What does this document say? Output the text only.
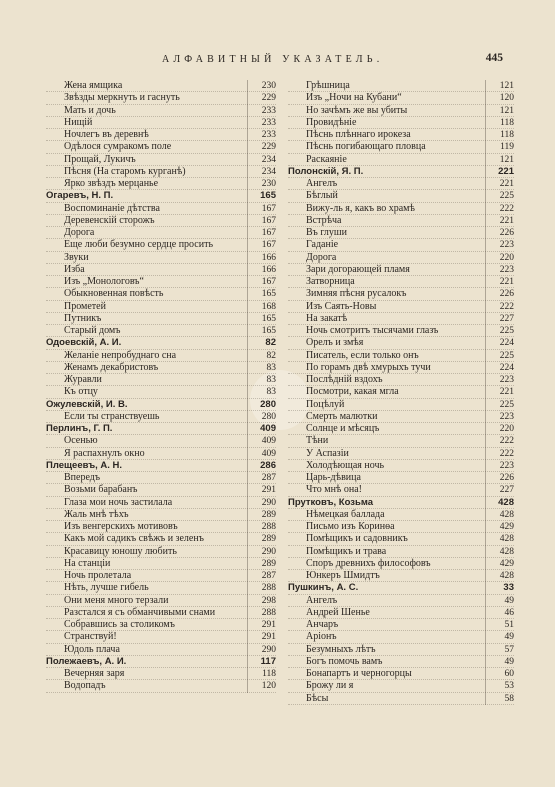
АЛФАВИТНЫЙ УКАЗАТЕЛЬ.	445
Жена ямщика	230
Звѣзды меркнуть и гаснуть	229
Мать и дочь	233
Нищій	233
Ночлегъ въ деревнѣ	233
Одѣлося сумракомъ поле	229
Прощай, Лукичъ	234
Пѣсня (На старомъ курганѣ)	234
Ярко звѣздъ мерцанье	230
Огаревъ, Н. П.	165
Воспоминаніе дѣтства	167
Деревенскій сторожъ	167
Дорога	167
Еще люби безумно сердце просить	167
Звуки	166
Изба	166
Изъ „Монологовъ“	167
Обыкновенная повѣсть	165
Прометей	168
Путникъ	165
Старый домъ	165
Одоевскій, А. И.	82
Желаніе непробуднаго сна	82
Женамъ декабристовъ	83
Журавли	83
Къ отцу	83
Ожулевскій, И. В.	280
Если ты странствуешь	280
Перлинъ, Г. П.	409
Осенью	409
Я распахнулъ окно	409
Плещеевъ, А. Н.	286
Впередъ	287
Возьми барабанъ	291
Глаза мои ночь застилала	290
Жаль мнѣ тѣхъ	289
Изъ венгерскихъ мотивовъ	288
Какъ мой садикъ свѣжъ и зеленъ	289
Красавицу юношу любить	290
На станціи	289
Ночь пролетала	287
Нѣть, лучше гибель	288
Они меня много терзали	298
Разстался я съ обманчивыми снами	288
Собравшись за столикомъ	291
Странствуй!	291
Юдоль плача	290
Полежаевъ, А. И.	117
Вечерняя заря	118
Водопадъ	120
Грѣшница	121
Изъ „Ночи на Кубани“	120
Но зачѣмъ же вы убиты	121
Провидѣніе	118
Пѣснь плѣннаго ирокеза	118
Пѣснь погибающаго пловца	119
Раскаяніе	121
Полонскій, Я. П.	221
Ангелъ	221
Бѣглый	225
Вижу-ль я, какъ во храмѣ	222
Встрѣча	221
Въ глуши	226
Гаданіе	223
Дорога	220
Зари догорающей пламя	223
Затворница	221
Зимняя пѣсня русалокъ	226
Изъ Саять-Новы	222
На закатѣ	227
Ночь смотритъ тысячами глазъ	225
Орелъ и змѣя	224
Писатель, если только онъ	225
По горамъ двѣ хмурыхъ тучи	224
Послѣдній вздохъ	223
Посмотри, какая мгла	221
Поцѣлуй	225
Смерть малютки	223
Солнце и мѣсяцъ	220
Тѣни	222
У Аспазіи	222
Холодѣющая ночь	223
Царь-дѣвица	226
Что мнѣ она!	227
Прутковъ, Козьма	428
Нѣмецкая баллада	428
Письмо изъ Коринѳа	429
Помѣщикъ и садовникъ	428
Помѣщикъ и трава	428
Споръ древнихъ философовъ	429
Юнкеръ Шмидтъ	428
Пушкинъ, А. С.	33
Ангелъ	49
Андрей Шенье	46
Анчаръ	51
Аріонъ	49
Безумныхъ лѣтъ	57
Богъ помочь вамъ	49
Бонапартъ и черногорцы	60
Брожу ли я	53
Бѣсы	58
